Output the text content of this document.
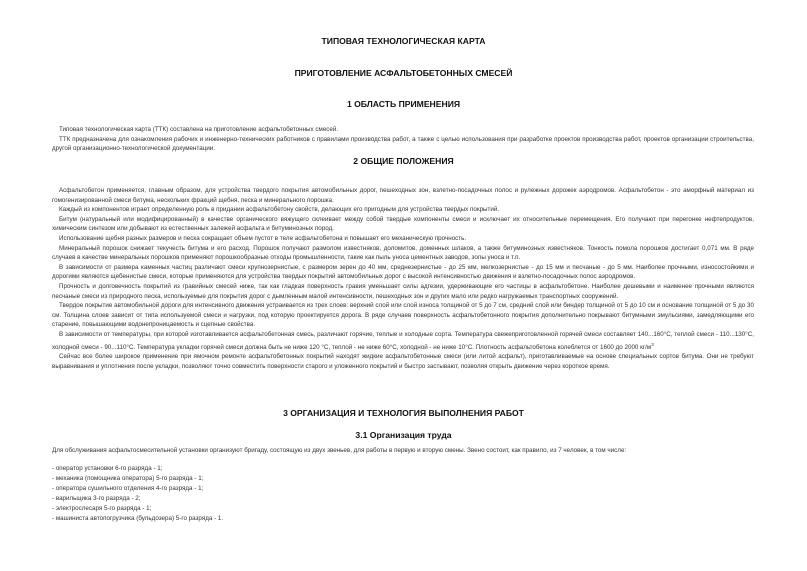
ТИПОВАЯ ТЕХНОЛОГИЧЕСКАЯ КАРТА
ПРИГОТОВЛЕНИЕ АСФАЛЬТОБЕТОННЫХ СМЕСЕЙ
1 ОБЛАСТЬ ПРИМЕНЕНИЯ

Типовая технологическая карта (ТТК) составлена на приготовление асфальтобетонных смесей.

ТТК предназначена для ознакомления рабочих и инженерно-технических работников с правилами производства работ, а также с целью использования при разработке проектов производства работ, проектов организации строительства, другой организационно-технологической документации.

2 ОБЩИЕ ПОЛОЖЕНИЯ

Асфальтобетон применяется, главным образом, для устройства твердого покрытия автомобильных дорог, пешеходных зон, взлетно-посадочных полос и рулежных дорожек аэродромов. Асфальтобетон - это аморфный материал из гомогенизированной смеси битума, нескольких фракций щебня, песка и минерального порошка.

Каждый из компонентов играет определенную роль в придании асфальтобетону свойств, делающих его пригодным для устройства твердых покрытий.

Битум (натуральный или модифицированный) в качестве органического вяжущего склеивает между собой твердые компоненты смеси и исключает их относительные перемещения. Его получают при перегонке нефтепродуктов, химическим синтезом или добывают из естественных залежей асфальта и битуминозных пород.

Использование щебня разных размеров и песка сокращает объем пустот в теле асфальтобетона и повышает его механическую прочность.

Минеральный порошок снижает текучесть битума и его расход. Порошок получают размолом известняков, доломитов, доменных шлаков, а также битуминозных известняков. Тонкость помола порошков достигает 0,071 мм. В ряде случаев в качестве минеральных порошков применяют порошкообразные отходы промышленности, такие как пыль уноса цементных заводов, золы уноса и т.п.

В зависимости от размера каменных частиц различают смеси крупнозернистые, с размером зерен до 40 мм, среднезернистые - до 25 мм, мелкозернистые - до 15 мм и песчаные - до 5 мм. Наиболее прочными, износостойкими и дорогими являются щебенистые смеси, которые применяются для устройства твердых покрытий автомобильных дорог с высокой интенсивностью движения и взлетно-посадочных полос аэродромов.

Прочность и долговечность покрытий из гравийных смесей ниже, так как гладкая поверхность гравия уменьшает силы адгезии, удерживающие его частицы в асфальтобетоне. Наиболее дешевыми и наименее прочными являются песчаные смеси из природного песка, используемые для покрытия дорог с дымленным малой интенсивности, пешеходных зон и других мало или редко нагружаемых транспортных сооружений.

Твердое покрытие автомобильной дороги для интенсивного движения устраивается из трех слоев: верхний слой или слой износа толщиной от 5 до 7 см, средний слой или биндер толщиной от 5 до 10 см и основание толщиной от 5 до 30 см. Толщина слоев зависит от типа используемой смеси и нагрузки, под которую проектируется дорога. В ряде случаев поверхность асфальтобетонного покрытия дополнительно покрывают битумными эмульсиями, замедляющими его старение, повышающими водонепроницаемость и сцепные свойства.

В зависимости от температуры, при которой изготавливается асфальтобетонная смесь, различают горячие, теплые и холодные сорта. Температура свежеприготовленной горячей смеси составляет 140...160°С, теплой смеси - 110...130°С, холодной смеси - 90...110°С. Температура укладки горячей смеси должна быть не ниже 120 °С, теплой - не ниже 60°С, холодной - не ниже 10°С. Плотность асфальтобетона колеблется от 1600 до 2000 $кг/м^3$

Сейчас все более широкое применение при ямочном ремонте асфальтобетонных покрытий находят жидкие асфальтобетонные смеси (или литой асфальт), приготавливаемые на основе специальных сортов битума. Они не требуют выравнивания и уплотнения после укладки, позволяют точно совместить поверхности старого и уложенного покрытий и быстро застывают, позволяя открыть движение через короткое время.

3 ОРГАНИЗАЦИЯ И ТЕХНОЛОГИЯ ВЫПОЛНЕНИЯ РАБОТ
3.1 Организация труда

Для обслуживания асфальтосмесительной установки организуют бригаду, состоящую из двух звеньев, для работы в первую и вторую смены. Звено состоит, как правило, из 7 человек, в том числе:

- оператор установки 6-го разряда - 1;
- механика (помощника оператора) 5-го разряда - 1;
- оператора сушильного отделения 4-го разряда - 1;
- варильщика 3-го разряда - 2;
- электрослесаря 5-го разряда - 1;
- машиниста автопогрузчика (бульдозера) 5-го разряда - 1.
